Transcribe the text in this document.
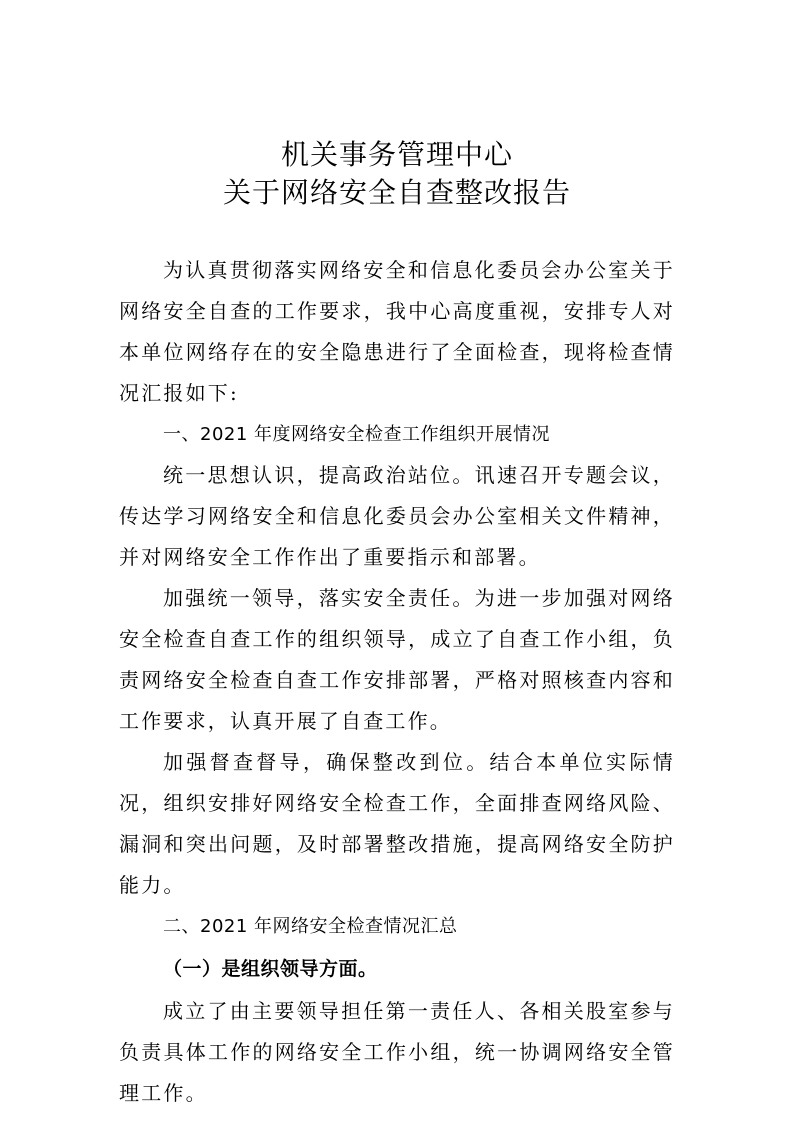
机关事务管理中心

关于网络安全自查整改报告

为认真贯彻落实网络安全和信息化委员会办公室关于网络安全自查的工作要求，我中心高度重视，安排专人对本单位网络存在的安全隐患进行了全面检查，现将检查情况汇报如下:

一、2021 年度网络安全检查工作组织开展情况

统一思想认识，提高政治站位。讯速召开专题会议，传达学习网络安全和信息化委员会办公室相关文件精神，并对网络安全工作作出了重要指示和部署。

加强统一领导，落实安全责任。为进一步加强对网络安全检查自查工作的组织领导，成立了自查工作小组，负责网络安全检查自查工作安排部署，严格对照核查内容和工作要求，认真开展了自查工作。

加强督查督导，确保整改到位。结合本单位实际情况，组织安排好网络安全检查工作，全面排查网络风险、漏洞和突出问题，及时部署整改措施，提高网络安全防护能力。

二、2021 年网络安全检查情况汇总

（一）是组织领导方面。

成立了由主要领导担任第一责任人、各相关股室参与负责具体工作的网络安全工作小组，统一协调网络安全管理工作。
